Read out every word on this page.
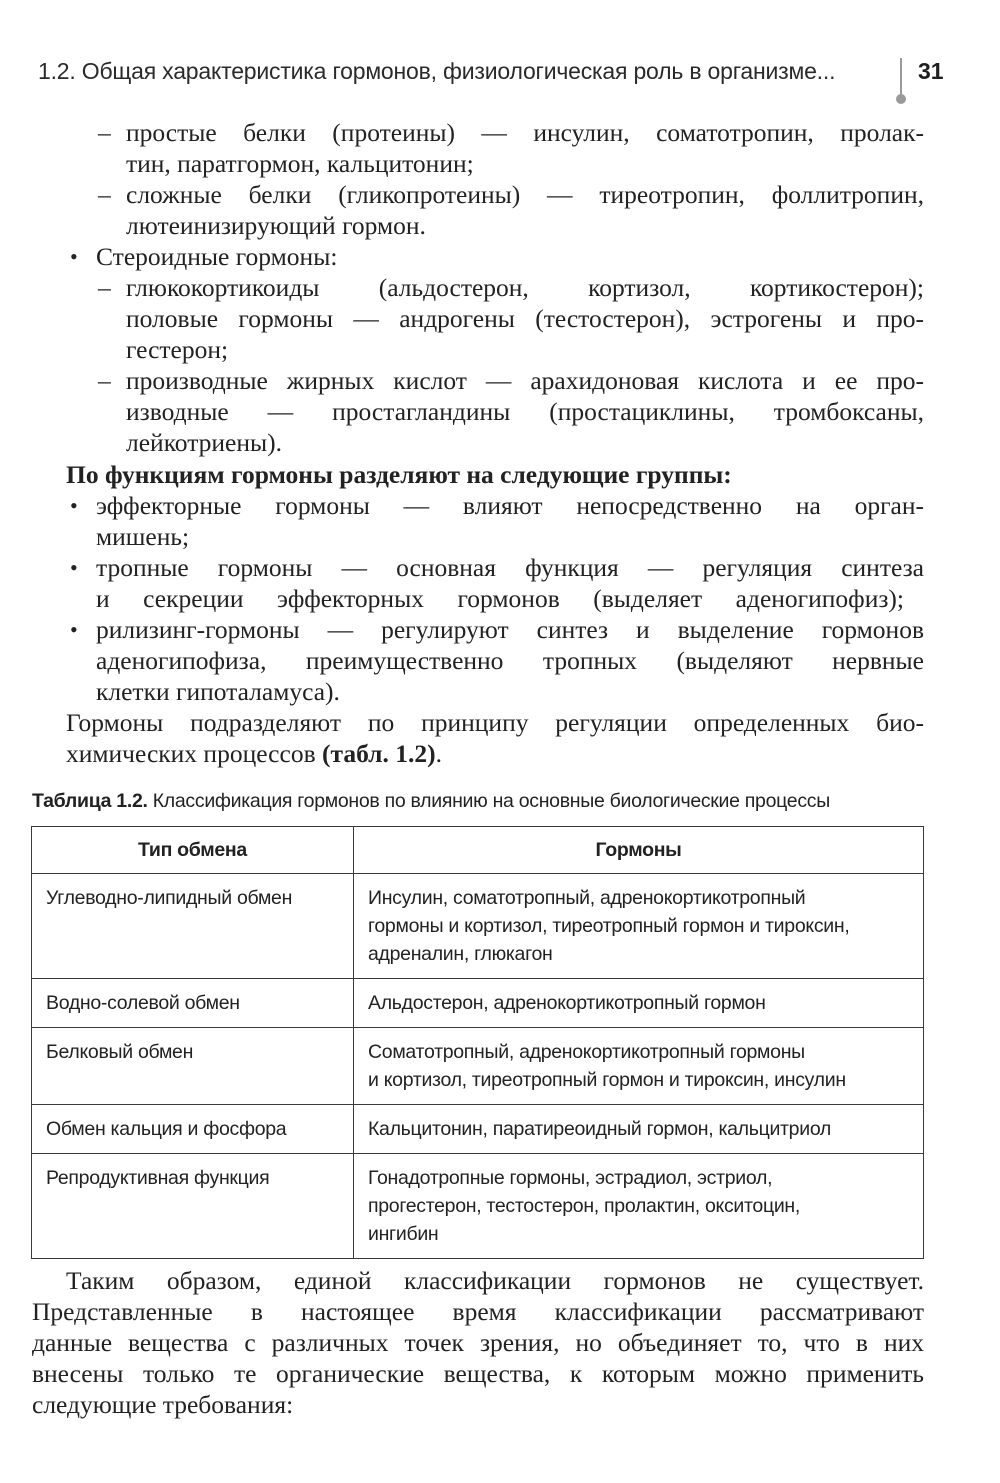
1.2. Общая характеристика гормонов, физиологическая роль в организме...	31
– простые белки (протеины) — инсулин, соматотропин, пролак-
тин, паратгормон, кальцитонин;
– сложные белки (гликопротеины) — тиреотропин, фоллитропин,
лютеинизирующий гормон.
• Стероидные гормоны:
– глюкокортикоиды (альдостерон, кортизол, кортикостерон);
половые гормоны — андрогены (тестостерон), эстрогены и про-
гестерон;
– производные жирных кислот — арахидоновая кислота и ее про-
изводные — простагландины (простациклины, тромбоксаны,
лейкотриены).
По функциям гормоны разделяют на следующие группы:
• эффекторные гормоны — влияют непосредственно на орган-
мишень;
• тропные гормоны — основная функция — регуляция синтеза
и секреции эффекторных гормонов (выделяет аденогипофиз);
• рилизинг-гормоны — регулируют синтез и выделение гормонов
аденогипофиза, преимущественно тропных (выделяют нервные
клетки гипоталамуса).
Гормоны подразделяют по принципу регуляции определенных био-
химических процессов (табл. 1.2).
Таблица 1.2. Классификация гормонов по влиянию на основные биологические процессы
Тип обмена	Гормоны
Углеводно-липидный обмен	Инсулин, соматотропный, адренокортикотропный
гормоны и кортизол, тиреотропный гормон и тироксин,
адреналин, глюкагон

Водно-солевой обмен	Альдостерон, адренокортикотропный гормон

Белковый обмен	Соматотропный, адренокортикотропный гормоны
и кортизол, тиреотропный гормон и тироксин, инсулин

Обмен кальция и фосфора	Кальцитонин, паратиреоидный гормон, кальцитриол

Репродуктивная функция	Гонадотропные гормоны, эстрадиол, эстриол,
прогестерон, тестостерон, пролактин, окситоцин,
ингибин
Таким образом, единой классификации гормонов не существует.
Представленные в настоящее время классификации рассматривают
данные вещества с различных точек зрения, но объединяет то, что в них
внесены только те органические вещества, к которым можно применить
следующие требования:
